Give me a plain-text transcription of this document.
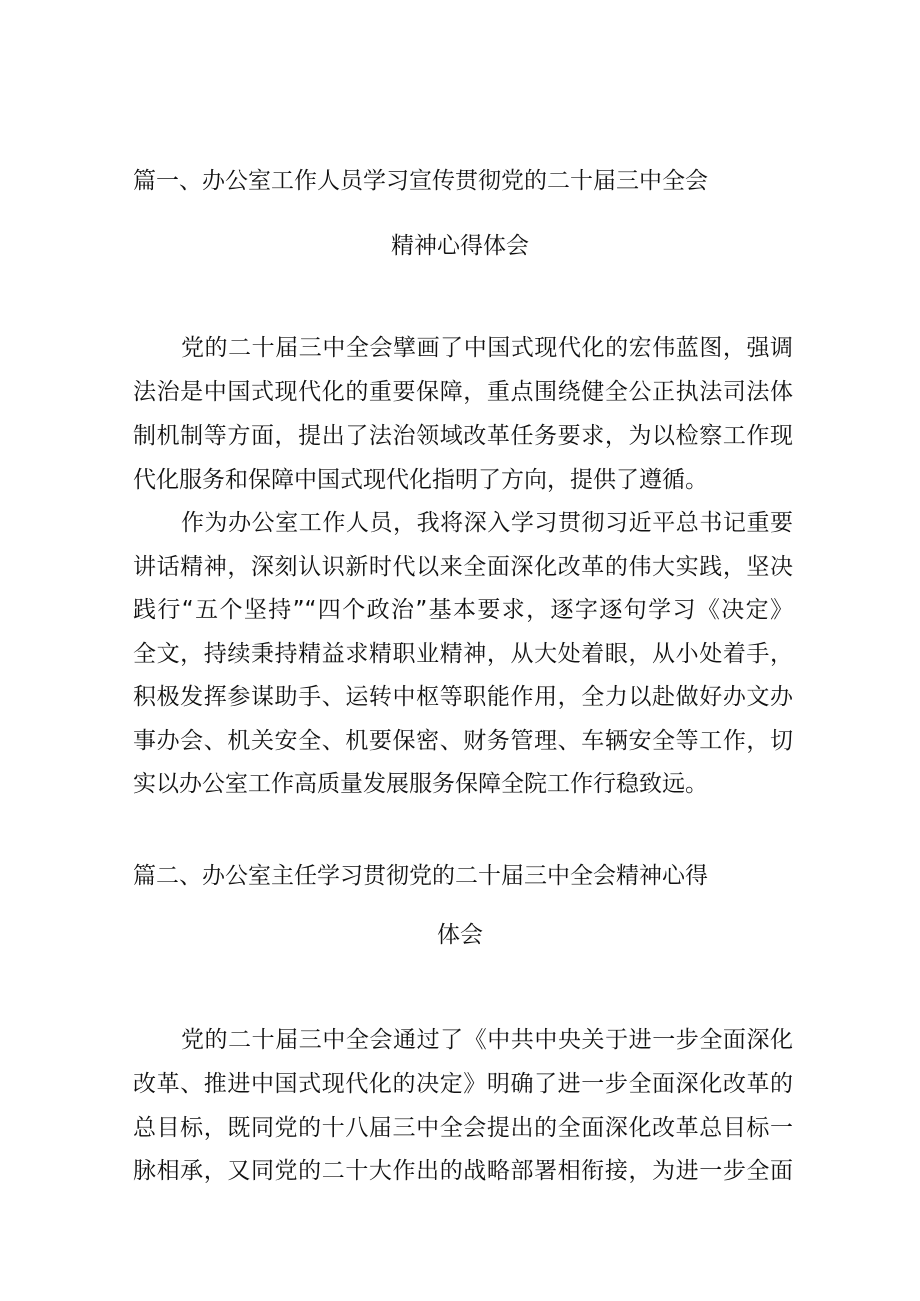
篇一、办公室工作人员学习宣传贯彻党的二十届三中全会
精神心得体会
党的二十届三中全会擘画了中国式现代化的宏伟蓝图，强调
法治是中国式现代化的重要保障，重点围绕健全公正执法司法体
制机制等方面，提出了法治领域改革任务要求，为以检察工作现
代化服务和保障中国式现代化指明了方向，提供了遵循。
作为办公室工作人员，我将深入学习贯彻习近平总书记重要
讲话精神，深刻认识新时代以来全面深化改革的伟大实践，坚决
践行“五个坚持”“四个政治”基本要求，逐字逐句学习《决定》
全文，持续秉持精益求精职业精神，从大处着眼，从小处着手，
积极发挥参谋助手、运转中枢等职能作用，全力以赴做好办文办
事办会、机关安全、机要保密、财务管理、车辆安全等工作，切
实以办公室工作高质量发展服务保障全院工作行稳致远。
篇二、办公室主任学习贯彻党的二十届三中全会精神心得
体会
党的二十届三中全会通过了《中共中央关于进一步全面深化
改革、推进中国式现代化的决定》明确了进一步全面深化改革的
总目标，既同党的十八届三中全会提出的全面深化改革总目标一
脉相承，又同党的二十大作出的战略部署相衔接，为进一步全面
